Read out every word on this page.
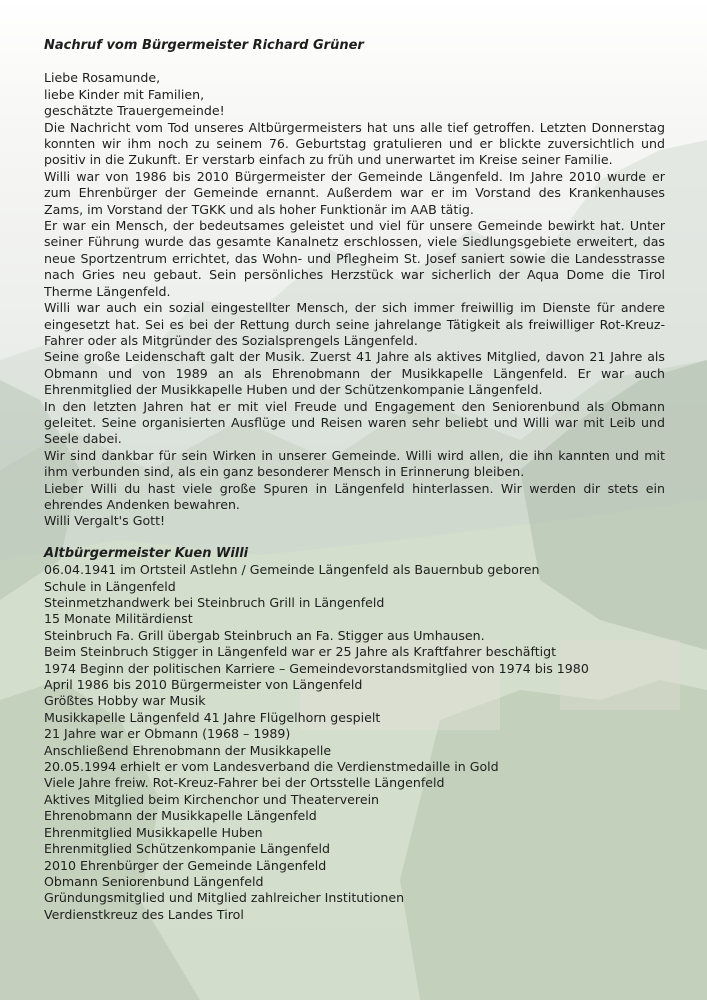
Nachruf vom Bürgermeister Richard Grüner
Liebe Rosamunde,
liebe Kinder mit Familien,
geschätzte Trauergemeinde!

Die Nachricht vom Tod unseres Altbürgermeisters hat uns alle tief getroffen. Letzten Donnerstag konnten wir ihm noch zu seinem 76. Geburtstag gratulieren und er blickte zuversichtlich und positiv in die Zukunft. Er verstarb einfach zu früh und unerwartet im Kreise seiner Familie.

Willi war von 1986 bis 2010 Bürgermeister der Gemeinde Längenfeld. Im Jahre 2010 wurde er zum Ehrenbürger der Gemeinde ernannt. Außerdem war er im Vorstand des Krankenhauses Zams, im Vorstand der TGKK und als hoher Funktionär im AAB tätig.

Er war ein Mensch, der bedeutsames geleistet und viel für unsere Gemeinde bewirkt hat. Unter seiner Führung wurde das gesamte Kanalnetz erschlossen, viele Siedlungsgebiete erweitert, das neue Sportzentrum errichtet, das Wohn- und Pflegheim St. Josef saniert sowie die Landesstrasse nach Gries neu gebaut. Sein persönliches Herzstück war sicherlich der Aqua Dome die Tirol Therme Längenfeld.

Willi war auch ein sozial eingestellter Mensch, der sich immer freiwillig im Dienste für andere eingesetzt hat. Sei es bei der Rettung durch seine jahrelange Tätigkeit als freiwilliger Rot-Kreuz-Fahrer oder als Mitgründer des Sozialsprengels Längenfeld.

Seine große Leidenschaft galt der Musik. Zuerst 41 Jahre als aktives Mitglied, davon 21 Jahre als Obmann und von 1989 an als Ehrenobmann der Musikkapelle Längenfeld. Er war auch Ehrenmitglied der Musikkapelle Huben und der Schützenkompanie Längenfeld.

In den letzten Jahren hat er mit viel Freude und Engagement den Seniorenbund als Obmann geleitet. Seine organisierten Ausflüge und Reisen waren sehr beliebt und Willi war mit Leib und Seele dabei.

Wir sind dankbar für sein Wirken in unserer Gemeinde. Willi wird allen, die ihn kannten und mit ihm verbunden sind, als ein ganz besonderer Mensch in Erinnerung bleiben.

Lieber Willi du hast viele große Spuren in Längenfeld hinterlassen. Wir werden dir stets ein ehrendes Andenken bewahren.

Willi Vergalt's Gott!
Altbürgermeister Kuen Willi
06.04.1941 im Ortsteil Astlehn / Gemeinde Längenfeld als Bauernbub geboren
Schule in Längenfeld
Steinmetzhandwerk bei Steinbruch Grill in Längenfeld
15 Monate Militärdienst
Steinbruch Fa. Grill übergab Steinbruch an Fa. Stigger aus Umhausen.
Beim Steinbruch Stigger in Längenfeld war er 25 Jahre als Kraftfahrer beschäftigt
1974 Beginn der politischen Karriere – Gemeindevorstandsmitglied von 1974 bis 1980
April 1986 bis 2010 Bürgermeister von Längenfeld
Größtes Hobby war Musik
Musikkapelle Längenfeld 41 Jahre Flügelhorn gespielt
21 Jahre war er Obmann (1968 – 1989)
Anschließend Ehrenobmann der Musikkapelle
20.05.1994 erhielt er vom Landesverband die Verdienstmedaille in Gold
Viele Jahre freiw. Rot-Kreuz-Fahrer bei der Ortsstelle Längenfeld
Aktives Mitglied beim Kirchenchor und Theaterverein
Ehrenobmann der Musikkapelle Längenfeld
Ehrenmitglied Musikkapelle Huben
Ehrenmitglied Schützenkompanie Längenfeld
2010 Ehrenbürger der Gemeinde Längenfeld
Obmann Seniorenbund Längenfeld
Gründungsmitglied und Mitglied zahlreicher Institutionen
Verdienstkreuz des Landes Tirol
